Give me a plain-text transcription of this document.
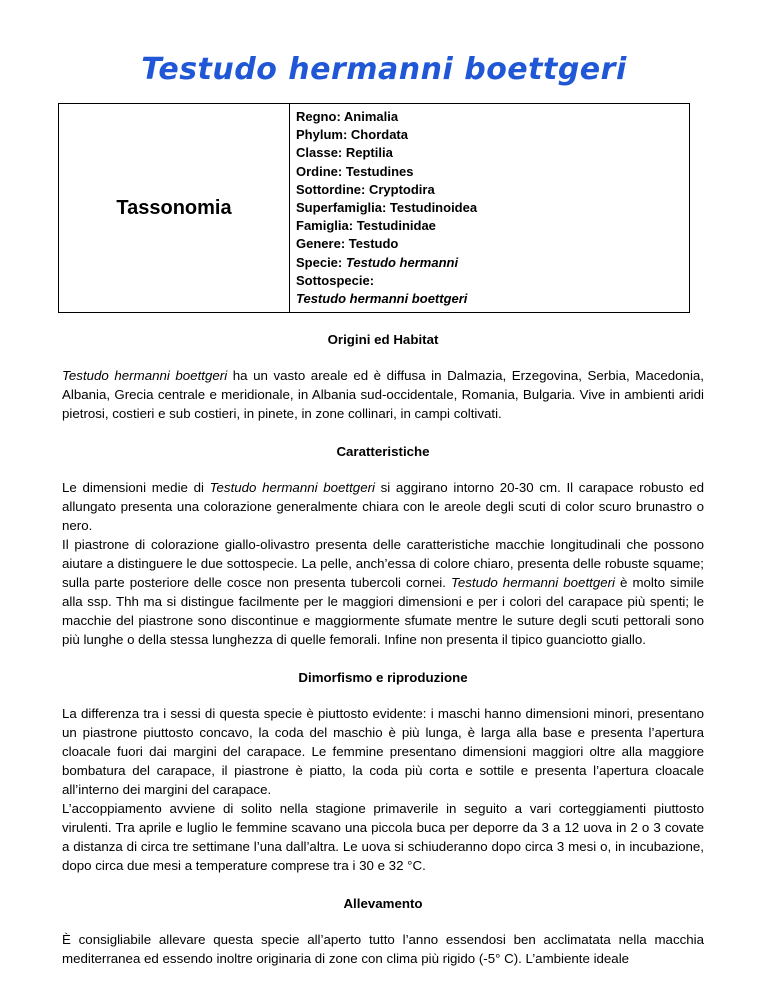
Testudo hermanni boettgeri
Tassonomia	
Regno: Animalia
Phylum: Chordata
Classe: Reptilia
Ordine: Testudines
Sottordine: Cryptodira
Superfamiglia: Testudinoidea
Famiglia: Testudinidae
Genere: Testudo
Specie: Testudo hermanni
Sottospecie:
Testudo hermanni boettgeri
Origini ed Habitat

Testudo hermanni boettgeri ha un vasto areale ed è diffusa in Dalmazia, Erzegovina, Serbia, Macedonia, Albania, Grecia centrale e meridionale, in Albania sud-occidentale, Romania, Bulgaria. Vive in ambienti aridi pietrosi, costieri e sub costieri, in pinete, in zone collinari, in campi coltivati.

Caratteristiche

Le dimensioni medie di Testudo hermanni boettgeri si aggirano intorno 20-30 cm. Il carapace robusto ed allungato presenta una colorazione generalmente chiara con le areole degli scuti di color scuro brunastro o nero.

Il piastrone di colorazione giallo-olivastro presenta delle caratteristiche macchie longitudinali che possono aiutare a distinguere le due sottospecie. La pelle, anch’essa di colore chiaro, presenta delle robuste squame; sulla parte posteriore delle cosce non presenta tubercoli cornei. Testudo hermanni boettgeri è molto simile alla ssp. Thh ma si distingue facilmente per le maggiori dimensioni e per i colori del carapace più spenti; le macchie del piastrone sono discontinue e maggiormente sfumate mentre le suture degli scuti pettorali sono più lunghe o della stessa lunghezza di quelle femorali. Infine non presenta il tipico guanciotto giallo.

Dimorfismo e riproduzione

La differenza tra i sessi di questa specie è piuttosto evidente: i maschi hanno dimensioni minori, presentano un piastrone piuttosto concavo, la coda del maschio è più lunga, è larga alla base e presenta l’apertura cloacale fuori dai margini del carapace. Le femmine presentano dimensioni maggiori oltre alla maggiore bombatura del carapace, il piastrone è piatto, la coda più corta e sottile e presenta l’apertura cloacale all’interno dei margini del carapace.

L’accoppiamento avviene di solito nella stagione primaverile in seguito a vari corteggiamenti piuttosto virulenti. Tra aprile e luglio le femmine scavano una piccola buca per deporre da 3 a 12 uova in 2 o 3 covate a distanza di circa tre settimane l’una dall’altra. Le uova si schiuderanno dopo circa 3 mesi o, in incubazione, dopo circa due mesi a temperature comprese tra i 30 e 32 °C.

Allevamento

È consigliabile allevare questa specie all’aperto tutto l’anno essendosi ben acclimatata nella macchia mediterranea ed essendo inoltre originaria di zone con clima più rigido (-5° C). L’ambiente ideale
